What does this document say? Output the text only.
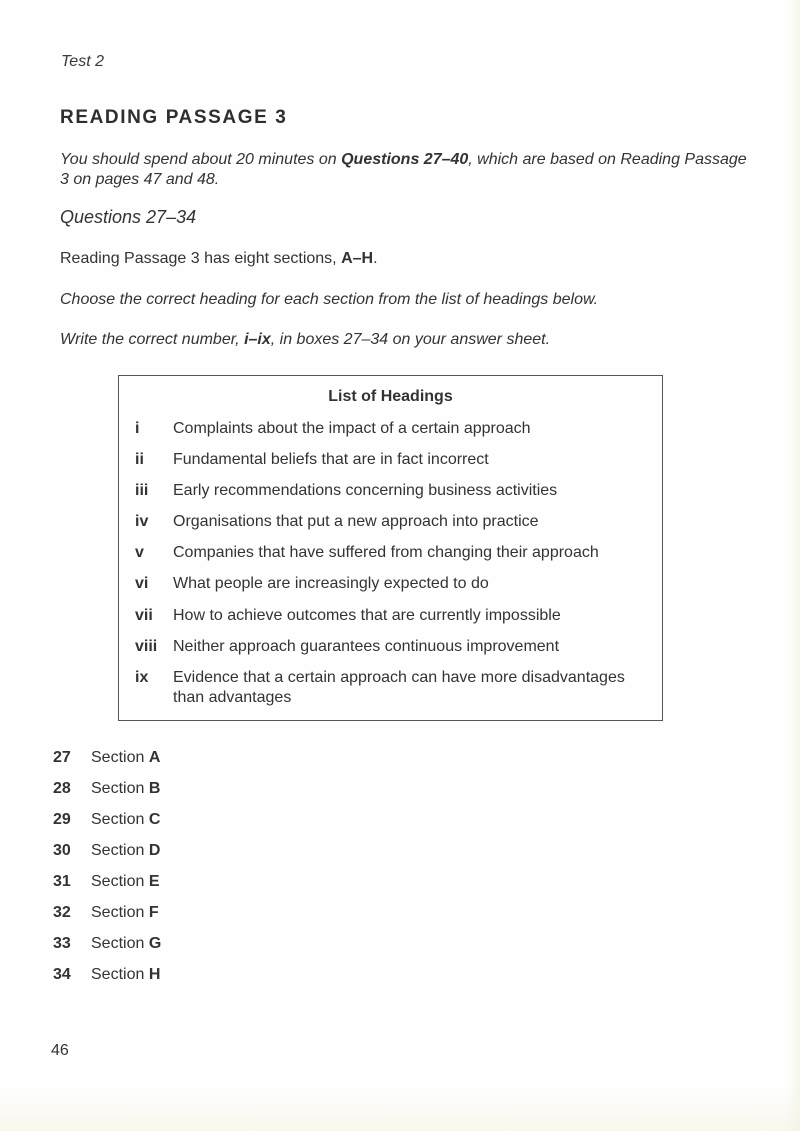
Test 2
READING PASSAGE 3
You should spend about 20 minutes on Questions 27–40, which are based on Reading Passage 3 on pages 47 and 48.
Questions 27–34
Reading Passage 3 has eight sections, A–H.
Choose the correct heading for each section from the list of headings below.
Write the correct number, i–ix, in boxes 27–34 on your answer sheet.
List of Headings
i	Complaints about the impact of a certain approach
ii	Fundamental beliefs that are in fact incorrect
iii	Early recommendations concerning business activities
iv	Organisations that put a new approach into practice
v	Companies that have suffered from changing their approach
vi	What people are increasingly expected to do
vii	How to achieve outcomes that are currently impossible
viii Neither approach guarantees continuous improvement
ix	Evidence that a certain approach can have more disadvantages than advantages
27	Section A
28	Section B
29	Section C
30	Section D
31	Section E
32	Section F
33	Section G
34	Section H
46
